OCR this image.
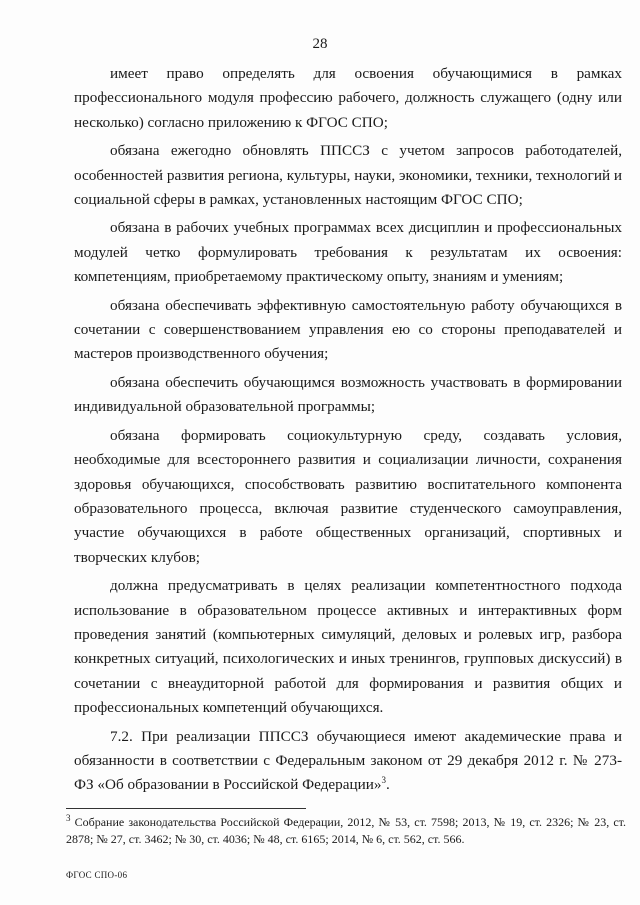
28

имеет право определять для освоения обучающимися в рамках профессионального модуля профессию рабочего, должность служащего (одну или несколько) согласно приложению к ФГОС СПО;

обязана ежегодно обновлять ППССЗ с учетом запросов работодателей, особенностей развития региона, культуры, науки, экономики, техники, технологий и социальной сферы в рамках, установленных настоящим ФГОС СПО;

обязана в рабочих учебных программах всех дисциплин и профессиональных модулей четко формулировать требования к результатам их освоения: компетенциям, приобретаемому практическому опыту, знаниям и умениям;

обязана обеспечивать эффективную самостоятельную работу обучающихся в сочетании с совершенствованием управления ею со стороны преподавателей и мастеров производственного обучения;

обязана обеспечить обучающимся возможность участвовать в формировании индивидуальной образовательной программы;

обязана формировать социокультурную среду, создавать условия, необходимые для всестороннего развития и социализации личности, сохранения здоровья обучающихся, способствовать развитию воспитательного компонента образовательного процесса, включая развитие студенческого самоуправления, участие обучающихся в работе общественных организаций, спортивных и творческих клубов;

должна предусматривать в целях реализации компетентностного подхода использование в образовательном процессе активных и интерактивных форм проведения занятий (компьютерных симуляций, деловых и ролевых игр, разбора конкретных ситуаций, психологических и иных тренингов, групповых дискуссий) в сочетании с внеаудиторной работой для формирования и развития общих и профессиональных компетенций обучающихся.

7.2. При реализации ППССЗ обучающиеся имеют академические права и обязанности в соответствии с Федеральным законом от 29 декабря 2012 г. № 273-ФЗ «Об образовании в Российской Федерации»$^3$.

$^3$ Собрание законодательства Российской Федерации, 2012, № 53, ст. 7598; 2013, № 19, ст. 2326; № 23, ст. 2878; № 27, ст. 3462; № 30, ст. 4036; № 48, ст. 6165; 2014, № 6, ст. 562, ст. 566.
ФГОС СПО-06
